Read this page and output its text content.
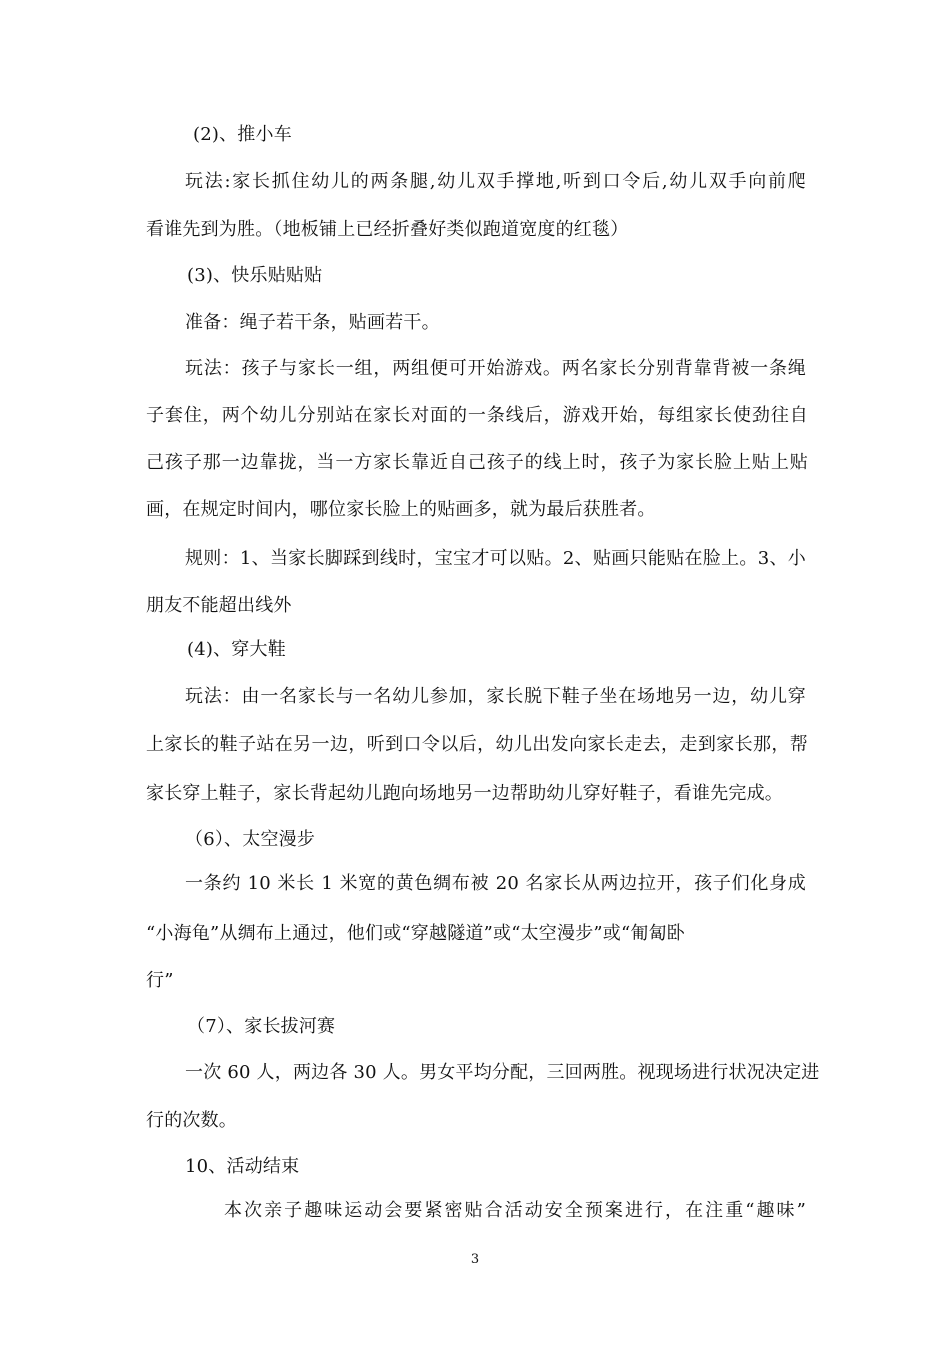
(2)、推小车
玩法:家长抓住幼儿的两条腿,幼儿双手撑地,听到口令后,幼儿双手向前爬
看谁先到为胜。（地板铺上已经折叠好类似跑道宽度的红毯）
(3)、快乐贴贴贴
准备：绳子若干条，贴画若干。
玩法：孩子与家长一组，两组便可开始游戏。两名家长分别背靠背被一条绳
子套住，两个幼儿分别站在家长对面的一条线后，游戏开始，每组家长使劲往自
己孩子那一边靠拢，当一方家长靠近自己孩子的线上时，孩子为家长脸上贴上贴
画，在规定时间内，哪位家长脸上的贴画多，就为最后获胜者。
规则：1、当家长脚踩到线时，宝宝才可以贴。2、贴画只能贴在脸上。3、小
朋友不能超出线外
(4)、穿大鞋
玩法：由一名家长与一名幼儿参加，家长脱下鞋子坐在场地另一边，幼儿穿
上家长的鞋子站在另一边，听到口令以后，幼儿出发向家长走去，走到家长那，帮
家长穿上鞋子，家长背起幼儿跑向场地另一边帮助幼儿穿好鞋子，看谁先完成。
（6）、太空漫步
一条约 10 米长 1 米宽的黄色绸布被 20 名家长从两边拉开，孩子们化身成
“小海龟”从绸布上通过，他们或“穿越隧道”或“太空漫步”或“匍匐卧
行”
（7）、家长拔河赛
一次 60 人，两边各 30 人。男女平均分配，三回两胜。视现场进行状况决定进
行的次数。
10、活动结束
本次亲子趣味运动会要紧密贴合活动安全预案进行，在注重“趣味”
3
